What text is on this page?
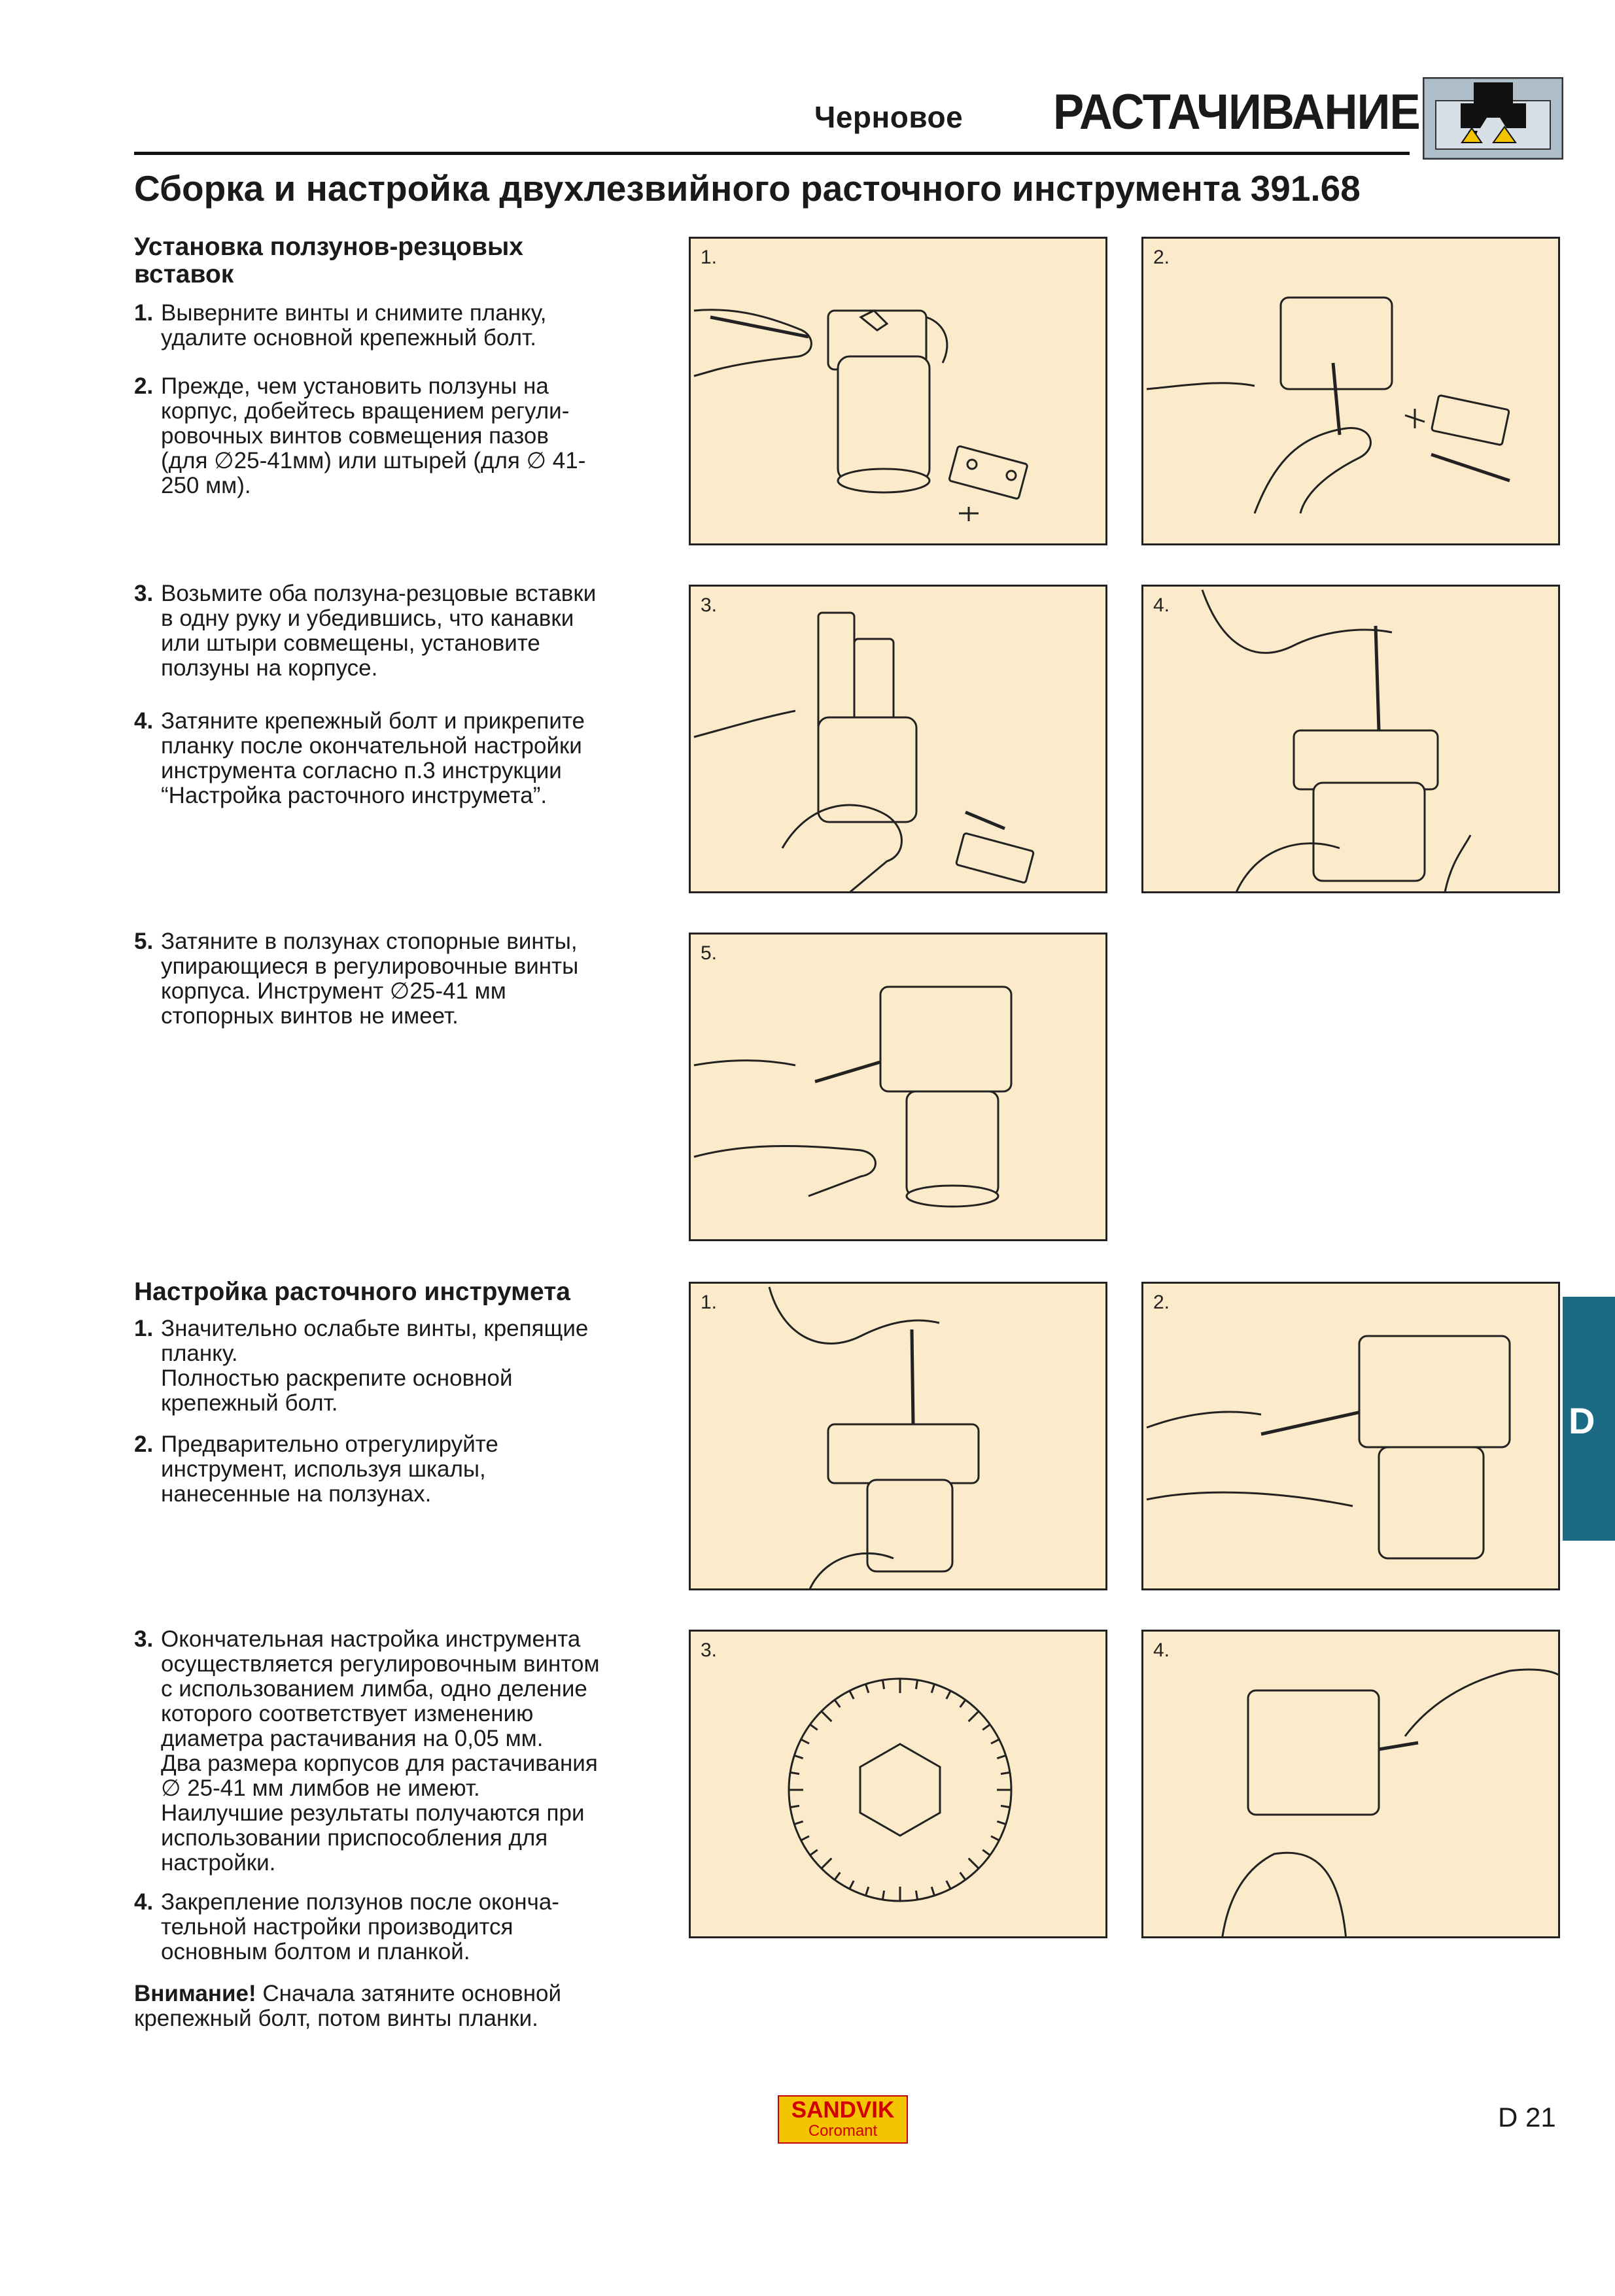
Черновое РАСТАЧИВАНИЕ
Сборка и настройка двухлезвийного расточного инструмента 391.68
Установка ползунов-резцовых вставок
1. Выверните винты и снимите планку,
удалите основной крепежный болт.
2. Прежде, чем установить ползуны на
корпус, добейтесь вращением регули-
ровочных винтов совмещения пазов
(для ∅25-41мм) или штырей (для ∅ 41-
250 мм).
3. Возьмите оба ползуна-резцовые вставки
в одну руку и убедившись, что канавки
или штыри совмещены, установите
ползуны на корпусе.
4. Затяните крепежный болт и прикрепите
планку после окончательной настройки
инструмента согласно п.3 инструкции
“Настройка расточного инструмета”.
5. Затяните в ползунах стопорные винты,
упирающиеся в регулировочные винты
корпуса. Инструмент ∅25-41 мм
стопорных винтов не имеет.
1.	2.
3.	4.
5.
Настройка расточного инструмета
1. Значительно ослабьте винты, крепящие
планку.
Полностью раскрепите основной
крепежный болт.
2. Предварительно отрегулируйте
инструмент, используя шкалы,
нанесенные на ползунах.
3. Окончательная настройка инструмента
осуществляется регулировочным винтом
с использованием лимба, одно деление
которого соответствует изменению
диаметра растачивания на 0,05 мм.
Два размера корпусов для растачивания
∅ 25-41 мм лимбов не имеют.
Наилучшие результаты получаются при
использовании приспособления для
настройки.
4. Закрепление ползунов после оконча-
тельной настройки производится
основным болтом и планкой.
Внимание! Сначала затяните основной
крепежный болт, потом винты планки.
1.	2.
3.	4.
D
SANDVIK
Coromant	D 21
